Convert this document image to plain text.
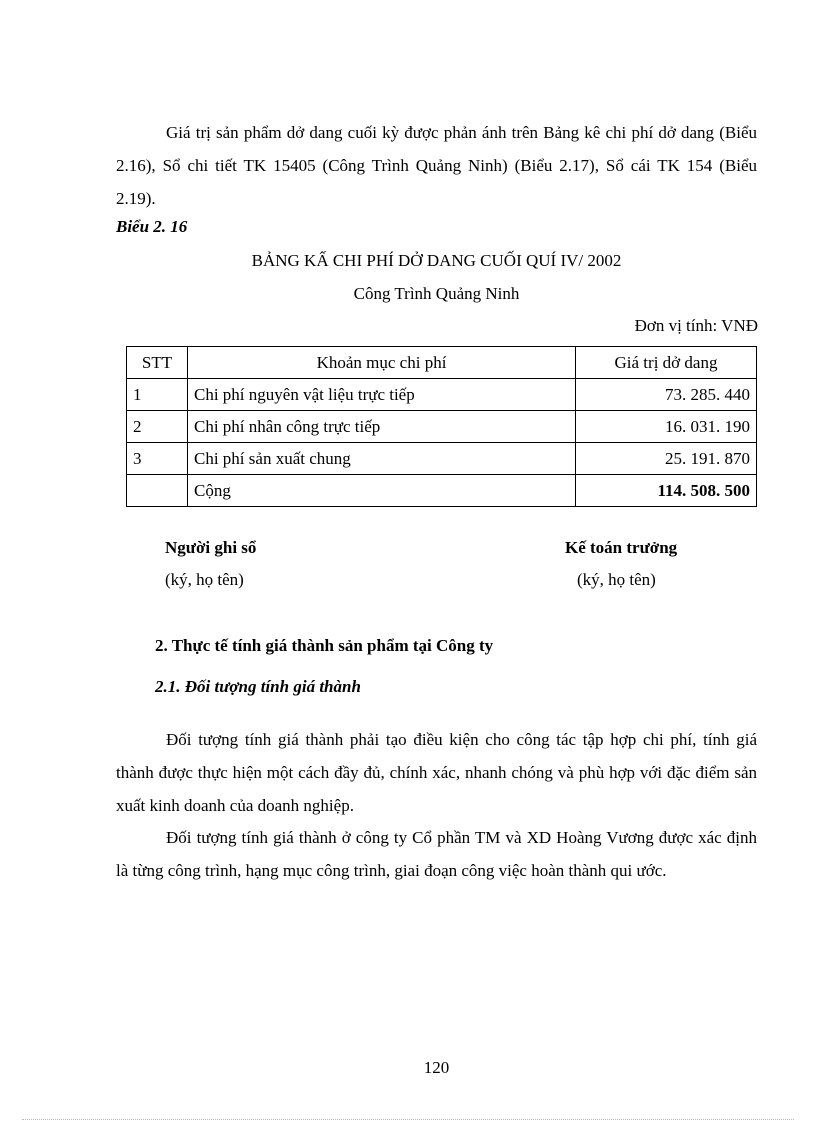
Giá trị sản phẩm dở dang cuối kỳ được phản ánh trên Bảng kê chi phí dở dang (Biểu 2.16), Sổ chi tiết TK 15405 (Công Trình Quảng Ninh) (Biểu 2.17), Sổ cái TK 154 (Biểu 2.19).

Biểu 2. 16
BẢNG KẤ CHI PHÍ DỞ DANG CUỐI QUÍ IV/ 2002
Công Trình Quảng Ninh
Đơn vị tính: VNĐ
STT	Khoản mục chi phí	Giá trị dở dang
1	Chi phí nguyên vật liệu trực tiếp	73. 285. 440
2	Chi phí nhân công trực tiếp	16. 031. 190
3	Chi phí sản xuất chung	25. 191. 870
	Cộng	114. 508. 500
Người ghi sổ
(ký, họ tên)
Kế toán trưởng
(ký, họ tên)
2. Thực tế tính giá thành sản phẩm tại Công ty
2.1. Đối tượng tính giá thành

Đối tượng tính giá thành phải tạo điều kiện cho công tác tập hợp chi phí, tính giá thành được thực hiện một cách đầy đủ, chính xác, nhanh chóng và phù hợp với đặc điểm sản xuất kinh doanh của doanh nghiệp.

Đối tượng tính giá thành ở công ty Cổ phần TM và XD Hoàng Vương được xác định là từng công trình, hạng mục công trình, giai đoạn công việc hoàn thành qui ước.

120
